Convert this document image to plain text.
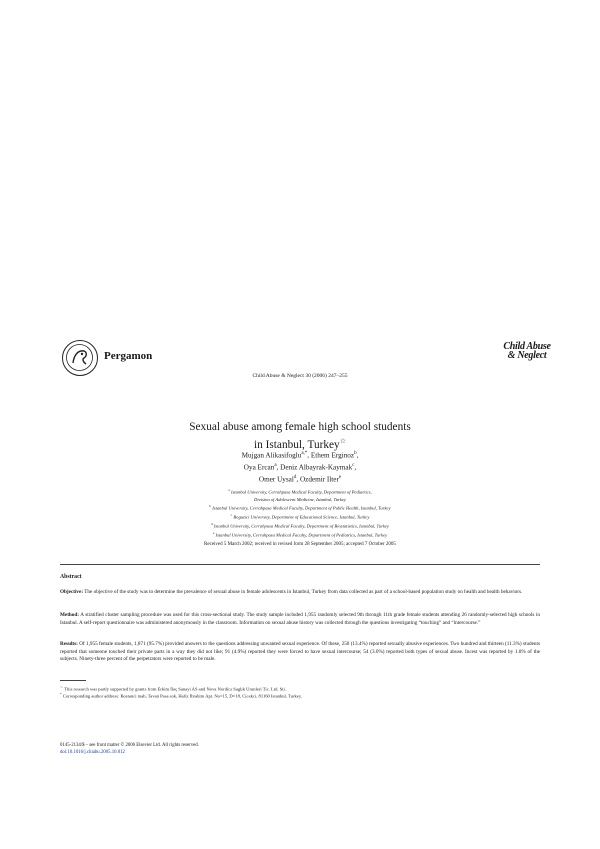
Pergamon
Child Abuse
& Neglect
Child Abuse & Neglect 30 (2006) 247–255
Sexual abuse among female high school students
in Istanbul, Turkey☆
Mujgan Alikasifoglu$^{a,*}$, Ethem Erginoz$^b$,
Oya Ercan$^a$, Deniz Albayrak-Kaymak$^c$,
Omer Uysal$^d$, Ozdemir Ilter$^e$
$^a$ Istanbul University, Cerrahpasa Medical Faculty, Department of Pediatrics,
Division of Adolescent Medicine, Istanbul, Turkey
$^b$ Istanbul University, Cerrahpasa Medical Faculty, Department of Public Health, Istanbul, Turkey
$^c$ Bogazici University, Department of Educational Science, Istanbul, Turkey
$^d$ Istanbul University, Cerrahpasa Medical Faculty, Department of Biostatistics, Istanbul, Turkey
$^e$ Istanbul University, Cerrahpasa Medical Faculty, Department of Pediatrics, Istanbul, Turkey
Received 5 March 2002; received in revised form 28 September 2005; accepted 7 October 2005
Abstract
Objective: The objective of the study was to determine the prevalence of sexual abuse in female adolescents in Istanbul, Turkey from data collected as part of a school-based population study on health and health behaviors.
Method: A stratified cluster sampling procedure was used for this cross-sectional study. The study sample included 1,955 randomly selected 9th through 11th grade female students attending 26 randomly-selected high schools in Istanbul. A self-report questionnaire was administered anonymously in the classroom. Information on sexual abuse history was collected through the questions investigating “touching” and “intercourse.”
Results: Of 1,955 female students, 1,871 (95.7%) provided answers to the questions addressing unwanted sexual experience. Of these, 250 (13.4%) reported sexually abusive experiences. Two hundred and thirteen (11.3%) students reported that someone touched their private parts in a way they did not like; 91 (4.9%) reported they were forced to have sexual intercourse; 54 (3.0%) reported both types of sexual abuse. Incest was reported by 1.8% of the subjects. Ninety-three percent of the perpetrators were reported to be male.
☆ This research was partly supported by grants from Erkim İlaç Sanayi AS and Nova Nordics Saglık Urunleri Tic. Ltd. Sti.
* Corresponding author address: Bostanci mah, Tavan Pasa sok, Hafiz İbrahim Apt. No=15, D=18, Cicekci, 81160 Istanbul, Turkey.
0145-2134/$ – see front matter © 2006 Elsevier Ltd. All rights reserved.
doi:10.1016/j.chiabu.2005.10.012
